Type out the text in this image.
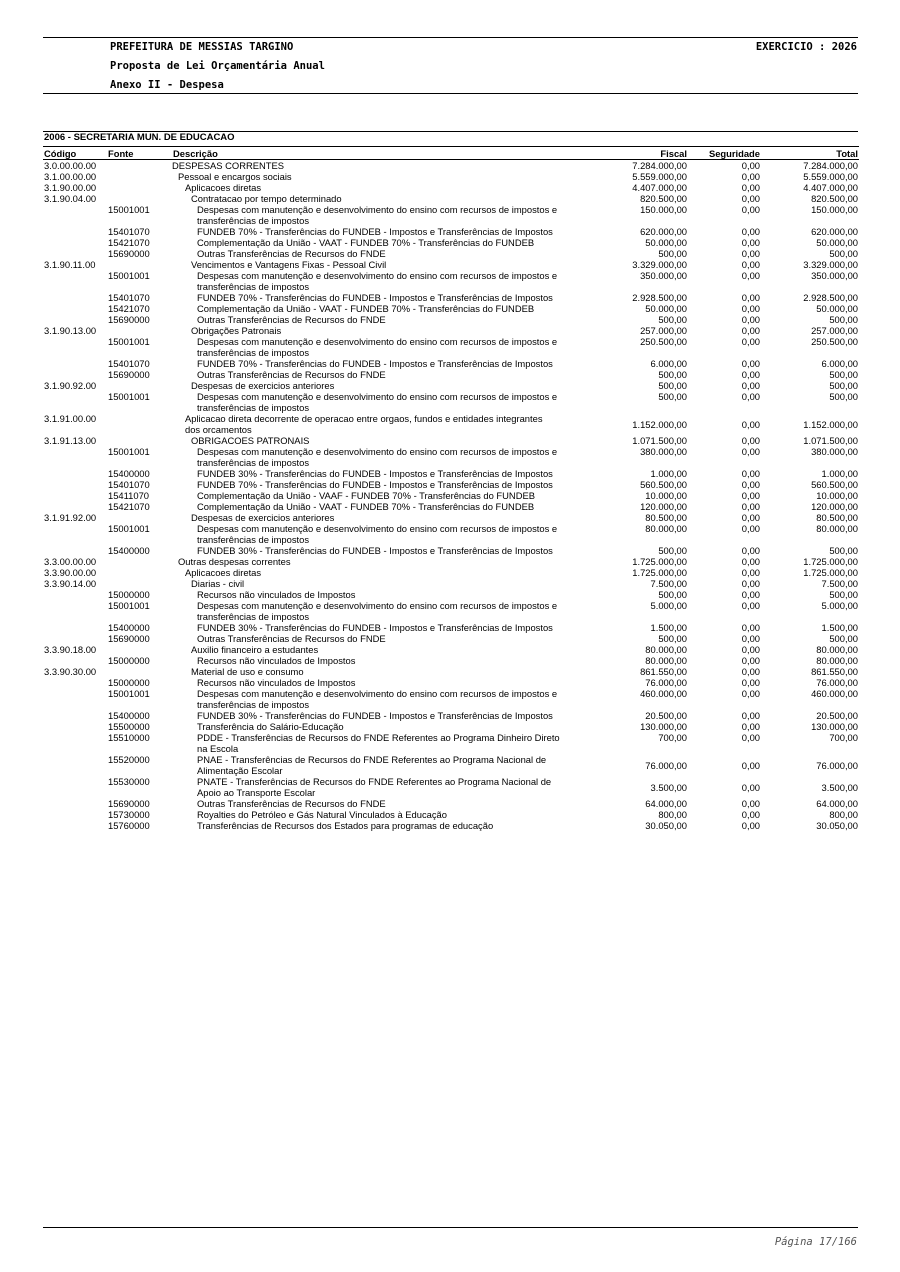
PREFEITURA DE MESSIAS TARGINO	EXERCICIO : 2026
Proposta de Lei Orçamentária Anual
Anexo II - Despesa
2006 - SECRETARIA MUN. DE EDUCACAO
Código	Fonte	Descrição	Fiscal	Seguridade	Total
3.0.00.00.00		DESPESAS CORRENTES	7.284.000,00	0,00	7.284.000,00
3.1.00.00.00		Pessoal e encargos sociais	5.559.000,00	0,00	5.559.000,00
3.1.90.00.00		Aplicacoes diretas	4.407.000,00	0,00	4.407.000,00
3.1.90.04.00		Contratacao por tempo determinado	820.500,00	0,00	820.500,00
	15001001	Despesas com manutenção e desenvolvimento do ensino com recursos de impostos e transferências de impostos	150.000,00	0,00	150.000,00
	15401070	FUNDEB 70% - Transferências do FUNDEB - Impostos e Transferências de Impostos	620.000,00	0,00	620.000,00
	15421070	Complementação da União - VAAT - FUNDEB 70% - Transferências do FUNDEB	50.000,00	0,00	50.000,00
	15690000	Outras Transferências de Recursos do FNDE	500,00	0,00	500,00
3.1.90.11.00		Vencimentos e Vantagens Fixas - Pessoal Civil	3.329.000,00	0,00	3.329.000,00
	15001001	Despesas com manutenção e desenvolvimento do ensino com recursos de impostos e transferências de impostos	350.000,00	0,00	350.000,00
	15401070	FUNDEB 70% - Transferências do FUNDEB - Impostos e Transferências de Impostos	2.928.500,00	0,00	2.928.500,00
	15421070	Complementação da União - VAAT - FUNDEB 70% - Transferências do FUNDEB	50.000,00	0,00	50.000,00
	15690000	Outras Transferências de Recursos do FNDE	500,00	0,00	500,00
3.1.90.13.00		Obrigações Patronais	257.000,00	0,00	257.000,00
	15001001	Despesas com manutenção e desenvolvimento do ensino com recursos de impostos e transferências de impostos	250.500,00	0,00	250.500,00
	15401070	FUNDEB 70% - Transferências do FUNDEB - Impostos e Transferências de Impostos	6.000,00	0,00	6.000,00
	15690000	Outras Transferências de Recursos do FNDE	500,00	0,00	500,00
3.1.90.92.00		Despesas de exercicios anteriores	500,00	0,00	500,00
	15001001	Despesas com manutenção e desenvolvimento do ensino com recursos de impostos e transferências de impostos	500,00	0,00	500,00
3.1.91.00.00		Aplicacao direta decorrente de operacao entre orgaos, fundos e entidades integrantes dos orcamentos	1.152.000,00	0,00	1.152.000,00
3.1.91.13.00		OBRIGACOES PATRONAIS	1.071.500,00	0,00	1.071.500,00
	15001001	Despesas com manutenção e desenvolvimento do ensino com recursos de impostos e transferências de impostos	380.000,00	0,00	380.000,00
	15400000	FUNDEB 30% - Transferências do FUNDEB - Impostos e Transferências de Impostos	1.000,00	0,00	1.000,00
	15401070	FUNDEB 70% - Transferências do FUNDEB - Impostos e Transferências de Impostos	560.500,00	0,00	560.500,00
	15411070	Complementação da União - VAAF - FUNDEB 70% - Transferências do FUNDEB	10.000,00	0,00	10.000,00
	15421070	Complementação da União - VAAT - FUNDEB 70% - Transferências do FUNDEB	120.000,00	0,00	120.000,00
3.1.91.92.00		Despesas de exercicios anteriores	80.500,00	0,00	80.500,00
	15001001	Despesas com manutenção e desenvolvimento do ensino com recursos de impostos e transferências de impostos	80.000,00	0,00	80.000,00
	15400000	FUNDEB 30% - Transferências do FUNDEB - Impostos e Transferências de Impostos	500,00	0,00	500,00
3.3.00.00.00		Outras despesas correntes	1.725.000,00	0,00	1.725.000,00
3.3.90.00.00		Aplicacoes diretas	1.725.000,00	0,00	1.725.000,00
3.3.90.14.00		Diarias - civil	7.500,00	0,00	7.500,00
	15000000	Recursos não vinculados de Impostos	500,00	0,00	500,00
	15001001	Despesas com manutenção e desenvolvimento do ensino com recursos de impostos e transferências de impostos	5.000,00	0,00	5.000,00
	15400000	FUNDEB 30% - Transferências do FUNDEB - Impostos e Transferências de Impostos	1.500,00	0,00	1.500,00
	15690000	Outras Transferências de Recursos do FNDE	500,00	0,00	500,00
3.3.90.18.00		Auxilio financeiro a estudantes	80.000,00	0,00	80.000,00
	15000000	Recursos não vinculados de Impostos	80.000,00	0,00	80.000,00
3.3.90.30.00		Material de uso e consumo	861.550,00	0,00	861.550,00
	15000000	Recursos não vinculados de Impostos	76.000,00	0,00	76.000,00
	15001001	Despesas com manutenção e desenvolvimento do ensino com recursos de impostos e transferências de impostos	460.000,00	0,00	460.000,00
	15400000	FUNDEB 30% - Transferências do FUNDEB - Impostos e Transferências de Impostos	20.500,00	0,00	20.500,00
	15500000	Transferência do Salário-Educação	130.000,00	0,00	130.000,00
	15510000	PDDE - Transferências de Recursos do FNDE Referentes ao Programa Dinheiro Direto na Escola	700,00	0,00	700,00
	15520000	PNAE - Transferências de Recursos do FNDE Referentes ao Programa Nacional de Alimentação Escolar	76.000,00	0,00	76.000,00
	15530000	PNATE - Transferências de Recursos do FNDE Referentes ao Programa Nacional de Apoio ao Transporte Escolar	3.500,00	0,00	3.500,00
	15690000	Outras Transferências de Recursos do FNDE	64.000,00	0,00	64.000,00
	15730000	Royalties do Petróleo e Gás Natural Vinculados à Educação	800,00	0,00	800,00
	15760000	Transferências de Recursos dos Estados para programas de educação	30.050,00	0,00	30.050,00
Página 17/166
